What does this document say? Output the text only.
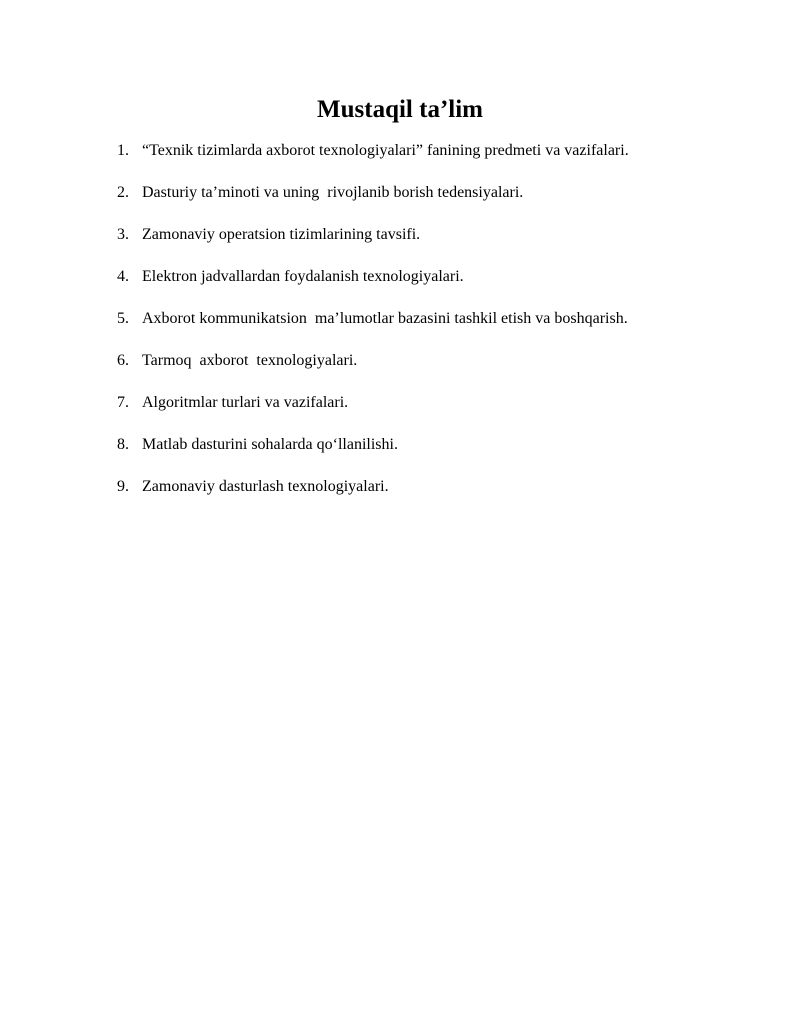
Mustaqil ta’lim
1. “Texnik tizimlarda axborot texnologiyalari” fanining predmeti va vazifalari.
2. Dasturiy ta’minoti va uning  rivojlanib borish tedensiyalari.
3. Zamonaviy operatsion tizimlarining tavsifi.
4. Elektron jadvallardan foydalanish texnologiyalari.
5. Axborot kommunikatsion  ma’lumotlar bazasini tashkil etish va boshqarish.
6. Tarmoq  axborot  texnologiyalari.
7. Algoritmlar turlari va vazifalari.
8. Matlab dasturini sohalarda qo‘llanilishi.
9. Zamonaviy dasturlash texnologiyalari.
